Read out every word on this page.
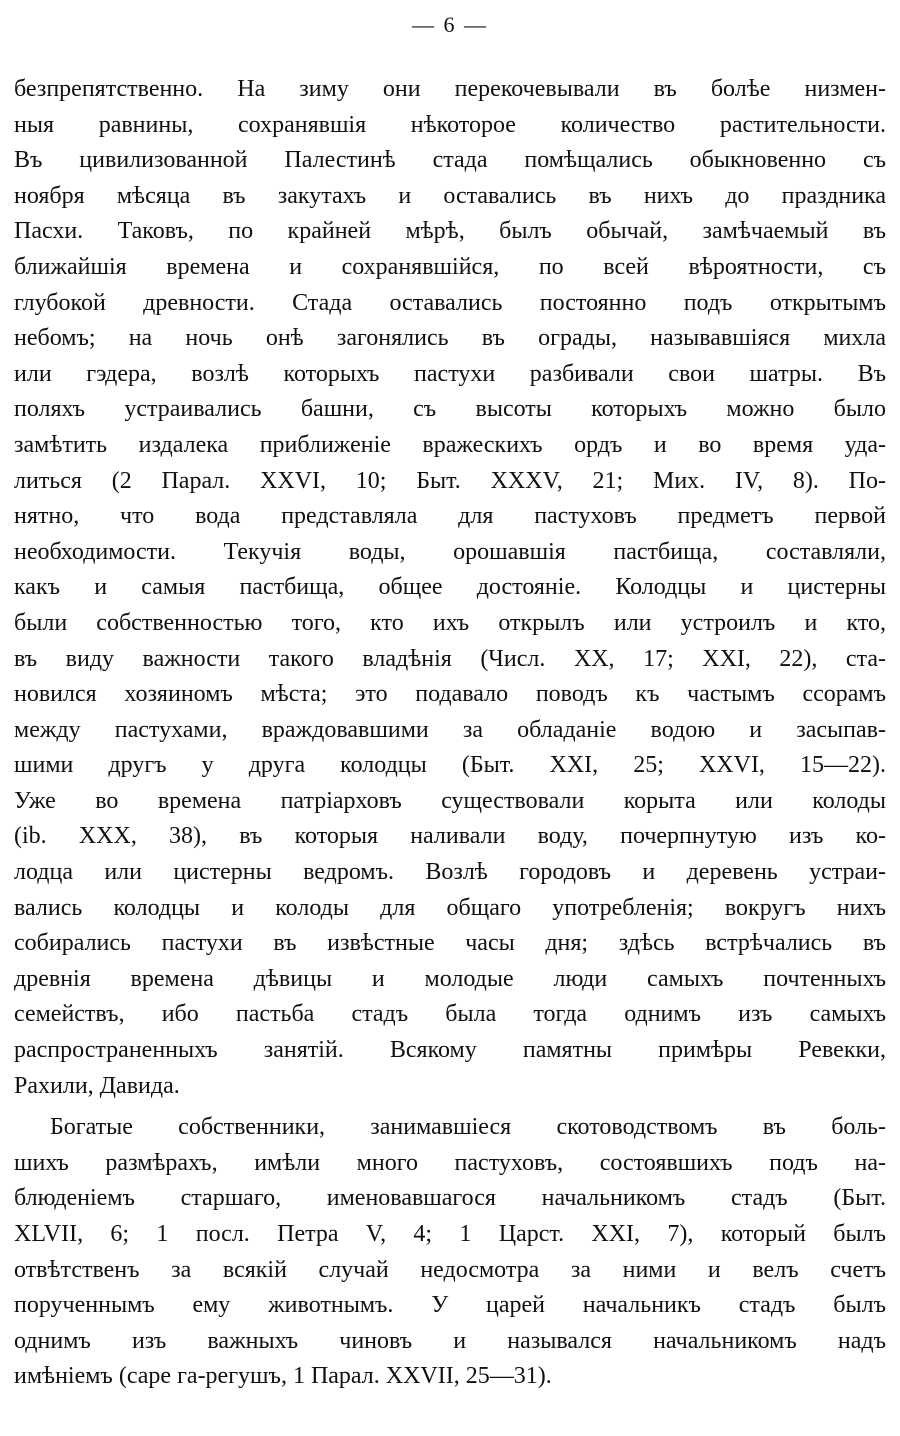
— 6 —
безпрепятственно. На зиму они перекочевывали въ болѣе низмен-
ныя равнины, сохранявшія нѣкоторое количество растительности.
Въ цивилизованной Палестинѣ стада помѣщались обыкновенно съ
ноября мѣсяца въ закутахъ и оставались въ нихъ до праздника
Пасхи. Таковъ, по крайней мѣрѣ, былъ обычай, замѣчаемый въ
ближайшія времена и сохранявшійся, по всей вѣроятности, съ
глубокой древности. Стада оставались постоянно подъ открытымъ
небомъ; на ночь онѣ загонялись въ ограды, называвшіяся михла
или гэдера, возлѣ которыхъ пастухи разбивали свои шатры. Въ
поляхъ устраивались башни, съ высоты которыхъ можно было
замѣтить издалека приближеніе вражескихъ ордъ и во время уда-
литься (2 Парал. XXVI, 10; Быт. XXXV, 21; Мих. IV, 8). По-
нятно, что вода представляла для пастуховъ предметъ первой
необходимости. Текучія воды, орошавшія пастбища, составляли,
какъ и самыя пастбища, общее достояніе. Колодцы и цистерны
были собственностью того, кто ихъ открылъ или устроилъ и кто,
въ виду важности такого владѣнія (Числ. XX, 17; XXI, 22), ста-
новился хозяиномъ мѣста; это подавало поводъ къ частымъ ссорамъ
между пастухами, враждовавшими за обладаніе водою и засыпав-
шими другъ у друга колодцы (Быт. XXI, 25; XXVI, 15—22).
Уже во времена патріарховъ существовали корыта или колоды
(ib. XXX, 38), въ которыя наливали воду, почерпнутую изъ ко-
лодца или цистерны ведромъ. Возлѣ городовъ и деревень устраи-
вались колодцы и колоды для общаго употребленія; вокругъ нихъ
собирались пастухи въ извѣстные часы дня; здѣсь встрѣчались въ
древнія времена дѣвицы и молодые люди самыхъ почтенныхъ
семействъ, ибо пастьба стадъ была тогда однимъ изъ самыхъ
распространенныхъ занятій. Всякому памятны примѣры Ревекки,
Рахили, Давида.
Богатые собственники, занимавшіеся скотоводствомъ въ боль-
шихъ размѣрахъ, имѣли много пастуховъ, состоявшихъ подъ на-
блюденіемъ старшаго, именовавшагося начальникомъ стадъ (Быт.
XLVII, 6; 1 посл. Петра V, 4; 1 Царст. XXI, 7), который былъ
отвѣтственъ за всякій случай недосмотра за ними и велъ счетъ
порученнымъ ему животнымъ. У царей начальникъ стадъ былъ
однимъ изъ важныхъ чиновъ и назывался начальникомъ надъ
имѣніемъ (саре га-регушъ, 1 Парал. XXVII, 25—31).
